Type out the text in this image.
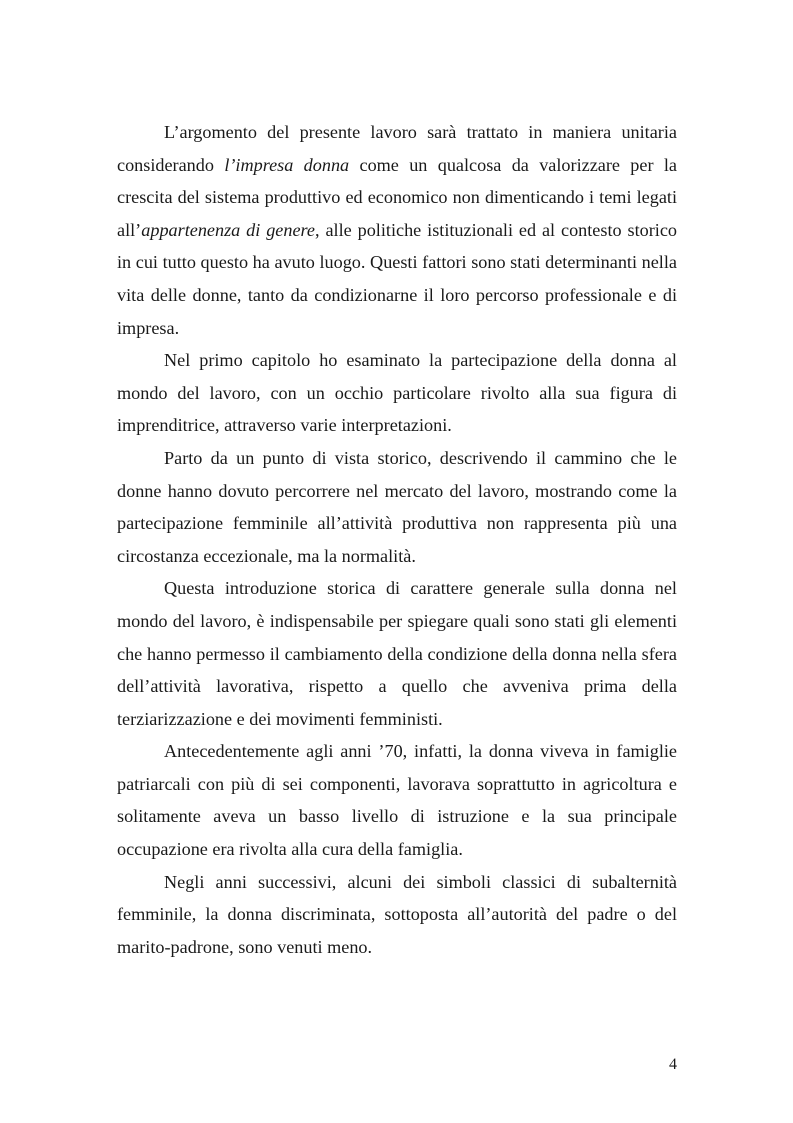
L’argomento del presente lavoro sarà trattato in maniera unitaria considerando l’impresa donna come un qualcosa da valorizzare per la crescita del sistema produttivo ed economico non dimenticando i temi legati all’appartenenza di genere, alle politiche istituzionali ed al contesto storico in cui tutto questo ha avuto luogo. Questi fattori sono stati determinanti nella vita delle donne, tanto da condizionarne il loro percorso professionale e di impresa.

Nel primo capitolo ho esaminato la partecipazione della donna al mondo del lavoro, con un occhio particolare rivolto alla sua figura di imprenditrice, attraverso varie interpretazioni.

Parto da un punto di vista storico, descrivendo il cammino che le donne hanno dovuto percorrere nel mercato del lavoro, mostrando come la partecipazione femminile all’attività produttiva non rappresenta più una circostanza eccezionale, ma la normalità.

Questa introduzione storica di carattere generale sulla donna nel mondo del lavoro, è indispensabile per spiegare quali sono stati gli elementi che hanno permesso il cambiamento della condizione della donna nella sfera dell’attività lavorativa, rispetto a quello che avveniva prima della terziarizzazione e dei movimenti femministi.

Antecedentemente agli anni ’70, infatti, la donna viveva in famiglie patriarcali con più di sei componenti, lavorava soprattutto in agricoltura e solitamente aveva un basso livello di istruzione e la sua principale occupazione era rivolta alla cura della famiglia.

Negli anni successivi, alcuni dei simboli classici di subalternità femminile, la donna discriminata, sottoposta all’autorità del padre o del marito-padrone, sono venuti meno.

4
